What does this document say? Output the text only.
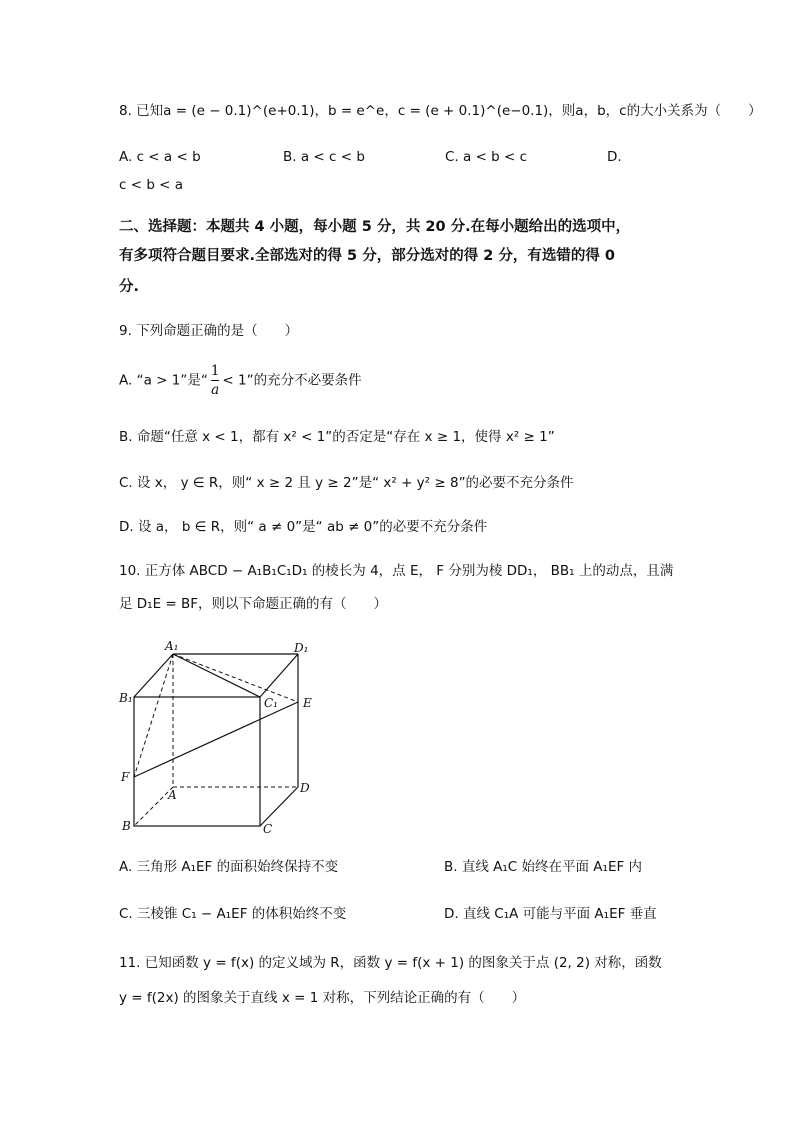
8. 已知a = (e − 0.1)^(e+0.1)，b = e^e，c = (e + 0.1)^(e−0.1)，则a，b，c的大小关系为（　　）
A. c < a < b	B. a < c < b	C. a < b < c	D.
c < b < a
二、选择题：本题共 4 小题，每小题 5 分，共 20 分.在每小题给出的选项中，
有多项符合题目要求.全部选对的得 5 分，部分选对的得 2 分，有选错的得 0
分.
9. 下列命题正确的是（　　）
A. “a > 1”是“ $\frac{1}{a} < 1$”的充分不必要条件
B. 命题“任意 x < 1，都有 x² < 1”的否定是“存在 x ≥ 1，使得 x² ≥ 1”
C. 设 x， y ∈ R，则“ x ≥ 2 且 y ≥ 2”是“ x² + y² ≥ 8”的必要不充分条件
D. 设 a， b ∈ R，则“ a ≠ 0”是“ ab ≠ 0”的必要不充分条件
10. 正方体 ABCD − A₁B₁C₁D₁ 的棱长为 4，点 E， F 分别为棱 DD₁， BB₁ 上的动点，且满
足 D₁E = BF，则以下命题正确的有（　　）
A₁	D₁
B₁	C₁ E
F
A	D
B	C
A. 三角形 A₁EF 的面积始终保持不变	B. 直线 A₁C 始终在平面 A₁EF 内
C. 三棱锥 C₁ − A₁EF 的体积始终不变	D. 直线 C₁A 可能与平面 A₁EF 垂直
11. 已知函数 y = f(x) 的定义域为 R，函数 y = f(x + 1) 的图象关于点 (2, 2) 对称，函数
y = f(2x) 的图象关于直线 x = 1 对称，下列结论正确的有（　　）
